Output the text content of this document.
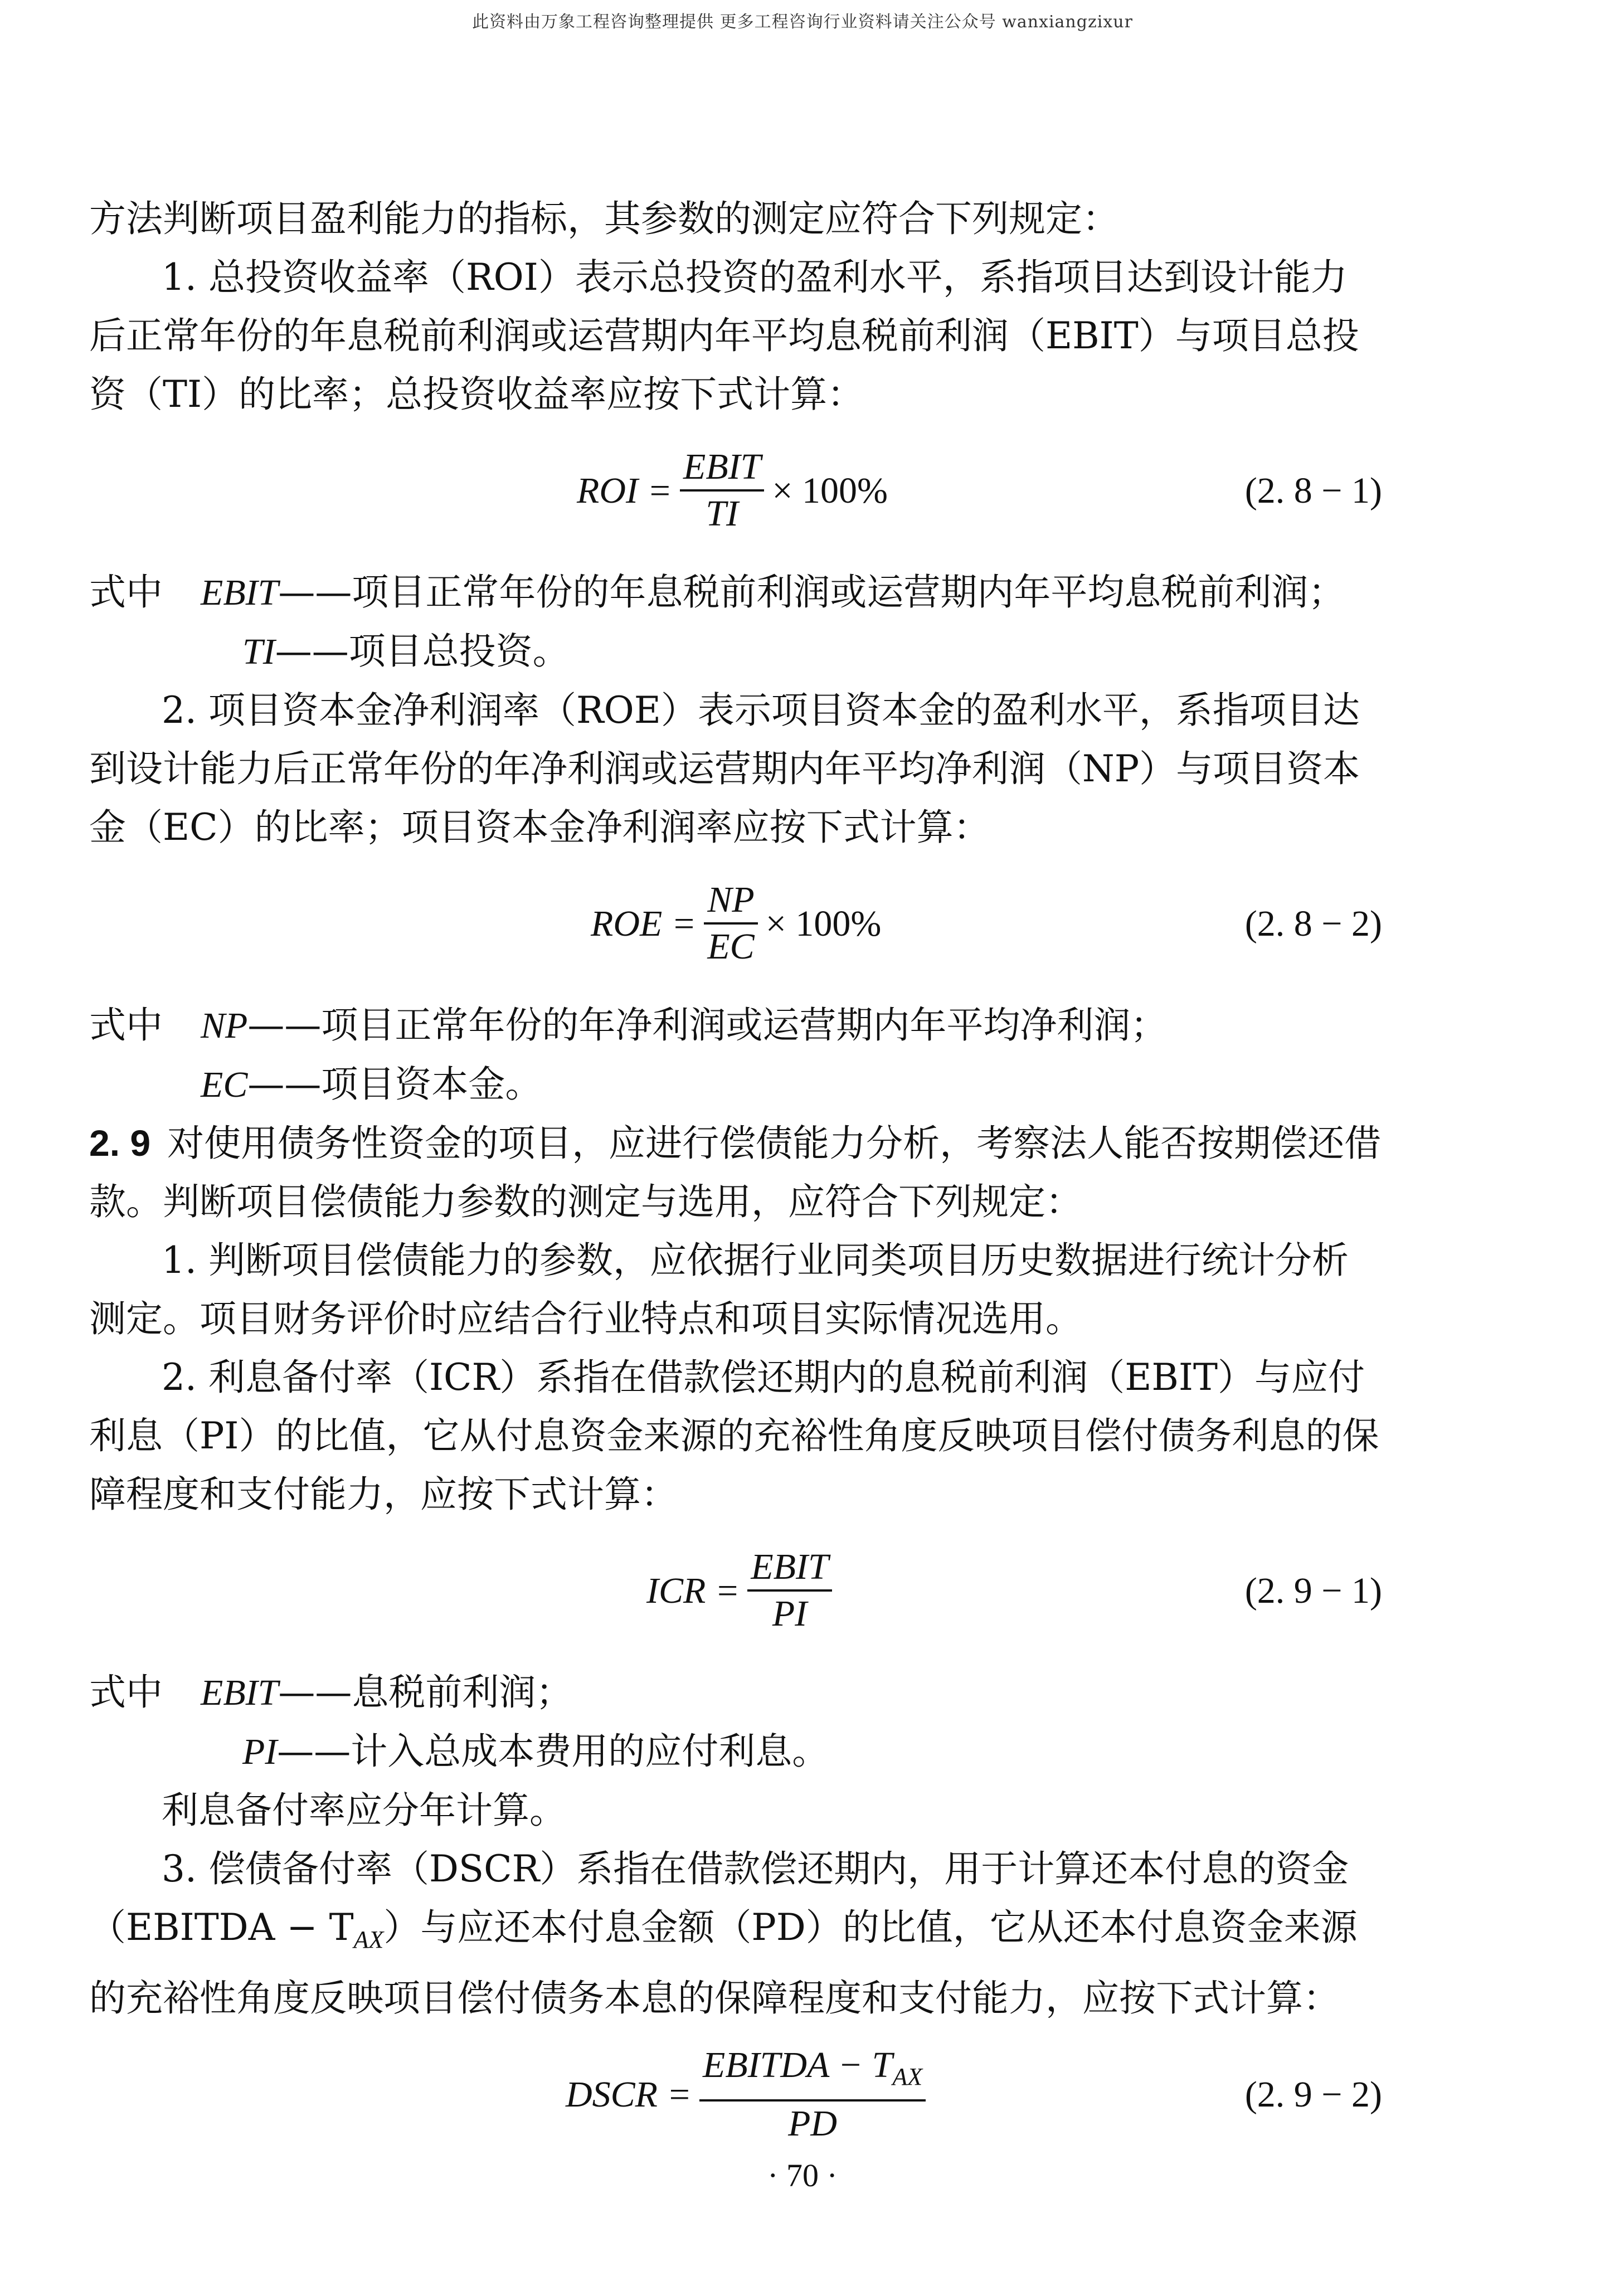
此资料由万象工程咨询整理提供 更多工程咨询行业资料请关注公众号 wanxiangzixur

方法判断项目盈利能力的指标，其参数的测定应符合下列规定：

1. 总投资收益率（ROI）表示总投资的盈利水平，系指项目达到设计能力后正常年份的年息税前利润或运营期内年平均息税前利润（EBIT）与项目总投资（TI）的比率；总投资收益率应按下式计算：

ROI = $\frac{\text{EBIT}}{TI} \times 100\%$	(2. 8 − 1)

式中 EBIT——项目正常年份的年息税前利润或运营期内年平均息税前利润；

TI——项目总投资。

2. 项目资本金净利润率（ROE）表示项目资本金的盈利水平，系指项目达到设计能力后正常年份的年净利润或运营期内年平均净利润（NP）与项目资本金（EC）的比率；项目资本金净利润率应按下式计算：

ROE = $\frac{NP}{EC} \times 100\%$	(2. 8 − 2)

式中 NP——项目正常年份的年净利润或运营期内年平均净利润；

EC——项目资本金。

2. 9 对使用债务性资金的项目，应进行偿债能力分析，考察法人能否按期偿还借款。判断项目偿债能力参数的测定与选用，应符合下列规定：

1. 判断项目偿债能力的参数，应依据行业同类项目历史数据进行统计分析测定。项目财务评价时应结合行业特点和项目实际情况选用。

2. 利息备付率（ICR）系指在借款偿还期内的息税前利润（EBIT）与应付利息（PI）的比值，它从付息资金来源的充裕性角度反映项目偿付债务利息的保障程度和支付能力，应按下式计算：

ICR = $\frac{\text{EBIT}}{PI}$	(2. 9 − 1)

式中 EBIT——息税前利润；

PI——计入总成本费用的应付利息。

利息备付率应分年计算。

3. 偿债备付率（DSCR）系指在借款偿还期内，用于计算还本付息的资金（EBITDA − $T_{AX}$）与应还本付息金额（PD）的比值，它从还本付息资金来源的充裕性角度反映项目偿付债务本息的保障程度和支付能力，应按下式计算：

DSCR = $\frac{EBITDA - T_{AX}}{PD}$	(2. 9 − 2)
· 70 ·
